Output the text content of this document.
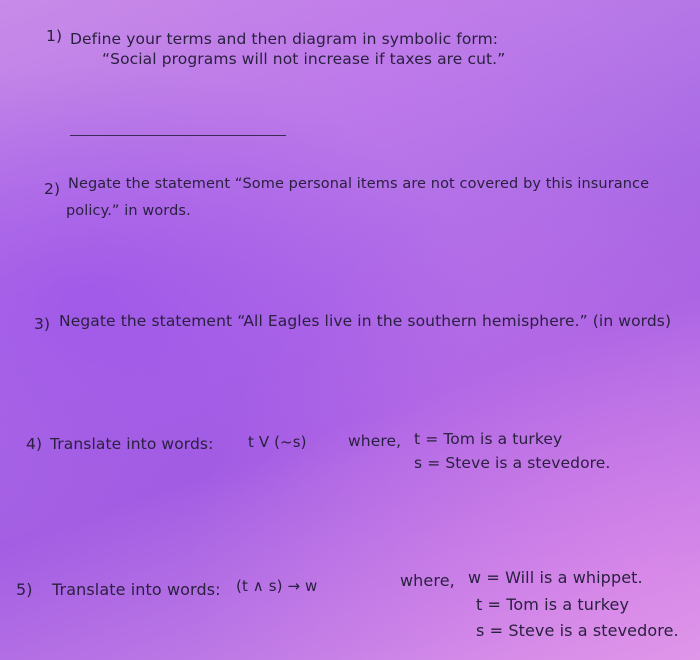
1) Define your terms and then diagram in symbolic form:
“Social programs will not increase if taxes are cut.”
2) Negate the statement “Some personal items are not covered by this insurance
policy.” in words.
3) Negate the statement “All Eagles live in the southern hemisphere.” (in words)
4) Translate into words: t V (~s)	where, t = Tom is a turkey
s = Steve is a stevedore.
5) Translate into words: (t ∧ s) → w	where, w = Will is a whippet.
t = Tom is a turkey
s = Steve is a stevedore.
